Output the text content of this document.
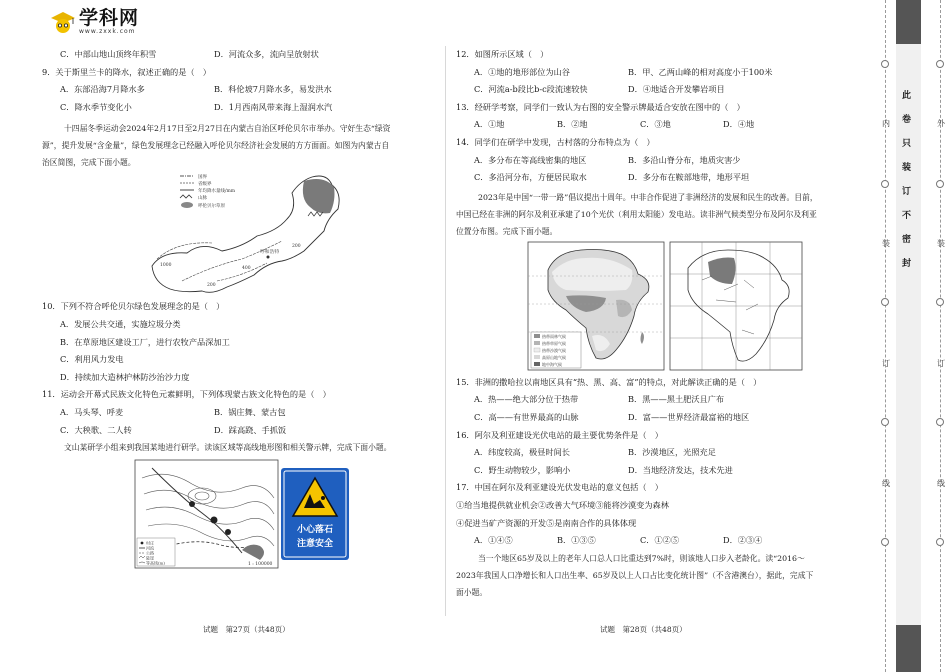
学科网
www.zxxk.com
C．中部山地山顶终年积雪	D．河流众多，流向呈放射状
9．关于斯里兰卡的降水，叙述正确的是（　）
A．东部沿海7月降水多	B．科伦坡7月降水多，易发洪水
C．降水季节变化小	D．1月西南风带来海上湿润水汽
十四届冬季运动会2024年2月17日至2月27日在内蒙古自治区呼伦贝尔市举办。守好生态“绿资
源”，提升发展“含金量”，绿色发展理念已经融入呼伦贝尔经济社会发展的方方面面。如图为内蒙古自
治区简图，完成下面小题。
国界
省级界
年均降水量线/mm
山脉
呼伦贝尔草原
1000
200
400
200
呼和浩特
10．下列不符合呼伦贝尔绿色发展理念的是（　）
A．发展公共交通，实施垃圾分类
B．在草原地区建设工厂，进行农牧产品深加工
C．利用风力发电
D．持续加大造林护林防沙治沙力度
11．运动会开幕式民族文化特色元素鲜明，下列体现蒙古族文化特色的是（　）
A．马头琴、呼麦	B．锅庄舞、蒙古包
C．大秧歌、二人转	D．踩高跷、手抓饭
文山某研学小组来到我国某地进行研学。读该区域等高线地形图和相关警示牌，完成下面小题。
村庄
河流
公路
陡崖
等高线(m)	1 : 100000
小心落石
注意安全
试题　第27页（共48页）
12．如图所示区域（　）
A．①地的地形部位为山谷	B．甲、乙两山峰的相对高度小于100米
C．河流a-b段比b-c段流速较快	D．④地适合开发攀岩项目
13．经研学考察，同学们一致认为右图的安全警示牌最适合安放在图中的（　）
A．①地	B．②地	C．③地	D．④地
14．同学们在研学中发现，古村落的分布特点为（　）
A．多分布在等高线密集的地区	B．多沿山脊分布，地质灾害少
C．多沿河分布，方便居民取水	D．多分布在鞍部地带，地形平坦
2023年是中国“一带一路”倡议提出十周年。中非合作促进了非洲经济的发展和民生的改善。目前，
中国已经在非洲的阿尔及利亚承建了10个光伏（利用太阳能）发电站。读非洲气候类型分布及阿尔及利亚
位置分布图。完成下面小题。
热带雨林气候
热带草原气候
热带沙漠气候
高原山地气候
地中海气候
15．非洲的撒哈拉以南地区具有“热、黑、高、富”的特点，对此解读正确的是（　）
A．热——绝大部分位于热带	B．黑——黑土肥沃且广布
C．高——有世界最高的山脉	D．富——世界经济最富裕的地区
16．阿尔及利亚建设光伏电站的最主要优势条件是（　）
A．纬度较高，极昼时间长	B．沙漠地区，光照充足
C．野生动物较少，影响小	D．当地经济发达，技术先进
17．中国在阿尔及利亚建设光伏发电站的意义包括（　）
①给当地提供就业机会②改善大气环境③能将沙漠变为森林
④促进当矿产资源的开发⑤是南南合作的具体体现
A．①④⑤	B．①③⑤	C．①②⑤	D．②③④
当一个地区65岁及以上的老年人口总人口比重达到7%时，则该地人口步入老龄化。读“2016～
2023年我国人口净增长和人口出生率、65岁及以上人口占比变化统计图”（不含港澳台），据此，完成下
面小题。
试题　第28页（共48页）
内
装
订
线
外
装
订
线
此
卷
只
装
订
不
密
封
